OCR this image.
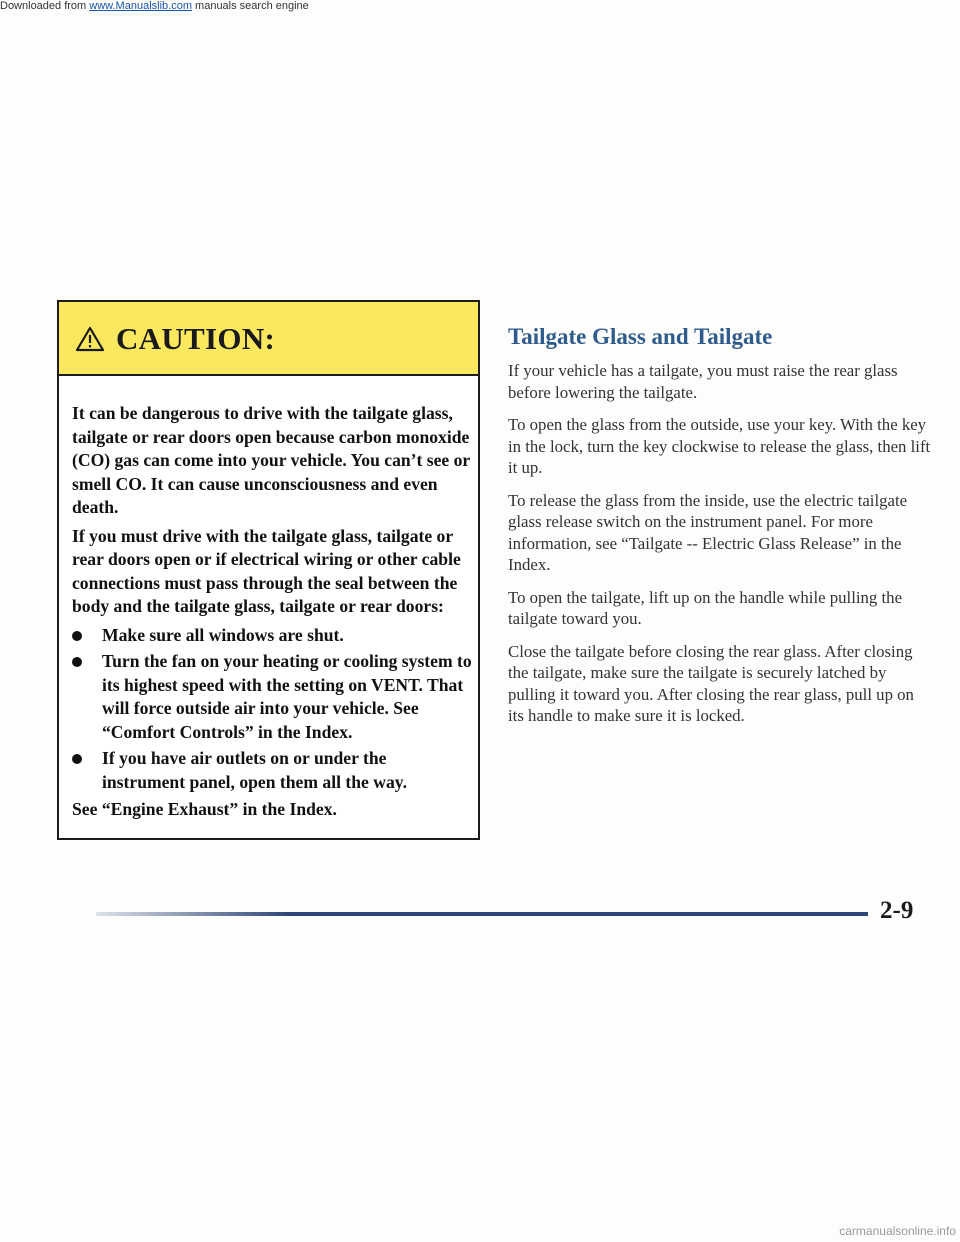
Downloaded from www.Manualslib.com manuals search engine
CAUTION:

It can be dangerous to drive with the tailgate glass, tailgate or rear doors open because carbon monoxide (CO) gas can come into your vehicle. You can’t see or smell CO. It can cause unconsciousness and even death.

If you must drive with the tailgate glass, tailgate or rear doors open or if electrical wiring or other cable connections must pass through the seal between the body and the tailgate glass, tailgate or rear doors:

Make sure all windows are shut.
Turn the fan on your heating or cooling system to its highest speed with the setting on VENT. That will force outside air into your vehicle. See “Comfort Controls” in the Index.
If you have air outlets on or under the instrument panel, open them all the way.

See “Engine Exhaust” in the Index.

Tailgate Glass and Tailgate

If your vehicle has a tailgate, you must raise the rear glass before lowering the tailgate.

To open the glass from the outside, use your key. With the key in the lock, turn the key clockwise to release the glass, then lift it up.

To release the glass from the inside, use the electric tailgate glass release switch on the instrument panel. For more information, see “Tailgate -- Electric Glass Release” in the Index.

To open the tailgate, lift up on the handle while pulling the tailgate toward you.

Close the tailgate before closing the rear glass. After closing the tailgate, make sure the tailgate is securely latched by pulling it toward you. After closing the rear glass, pull up on its handle to make sure it is locked.

2-9
carmanualsonline.info
